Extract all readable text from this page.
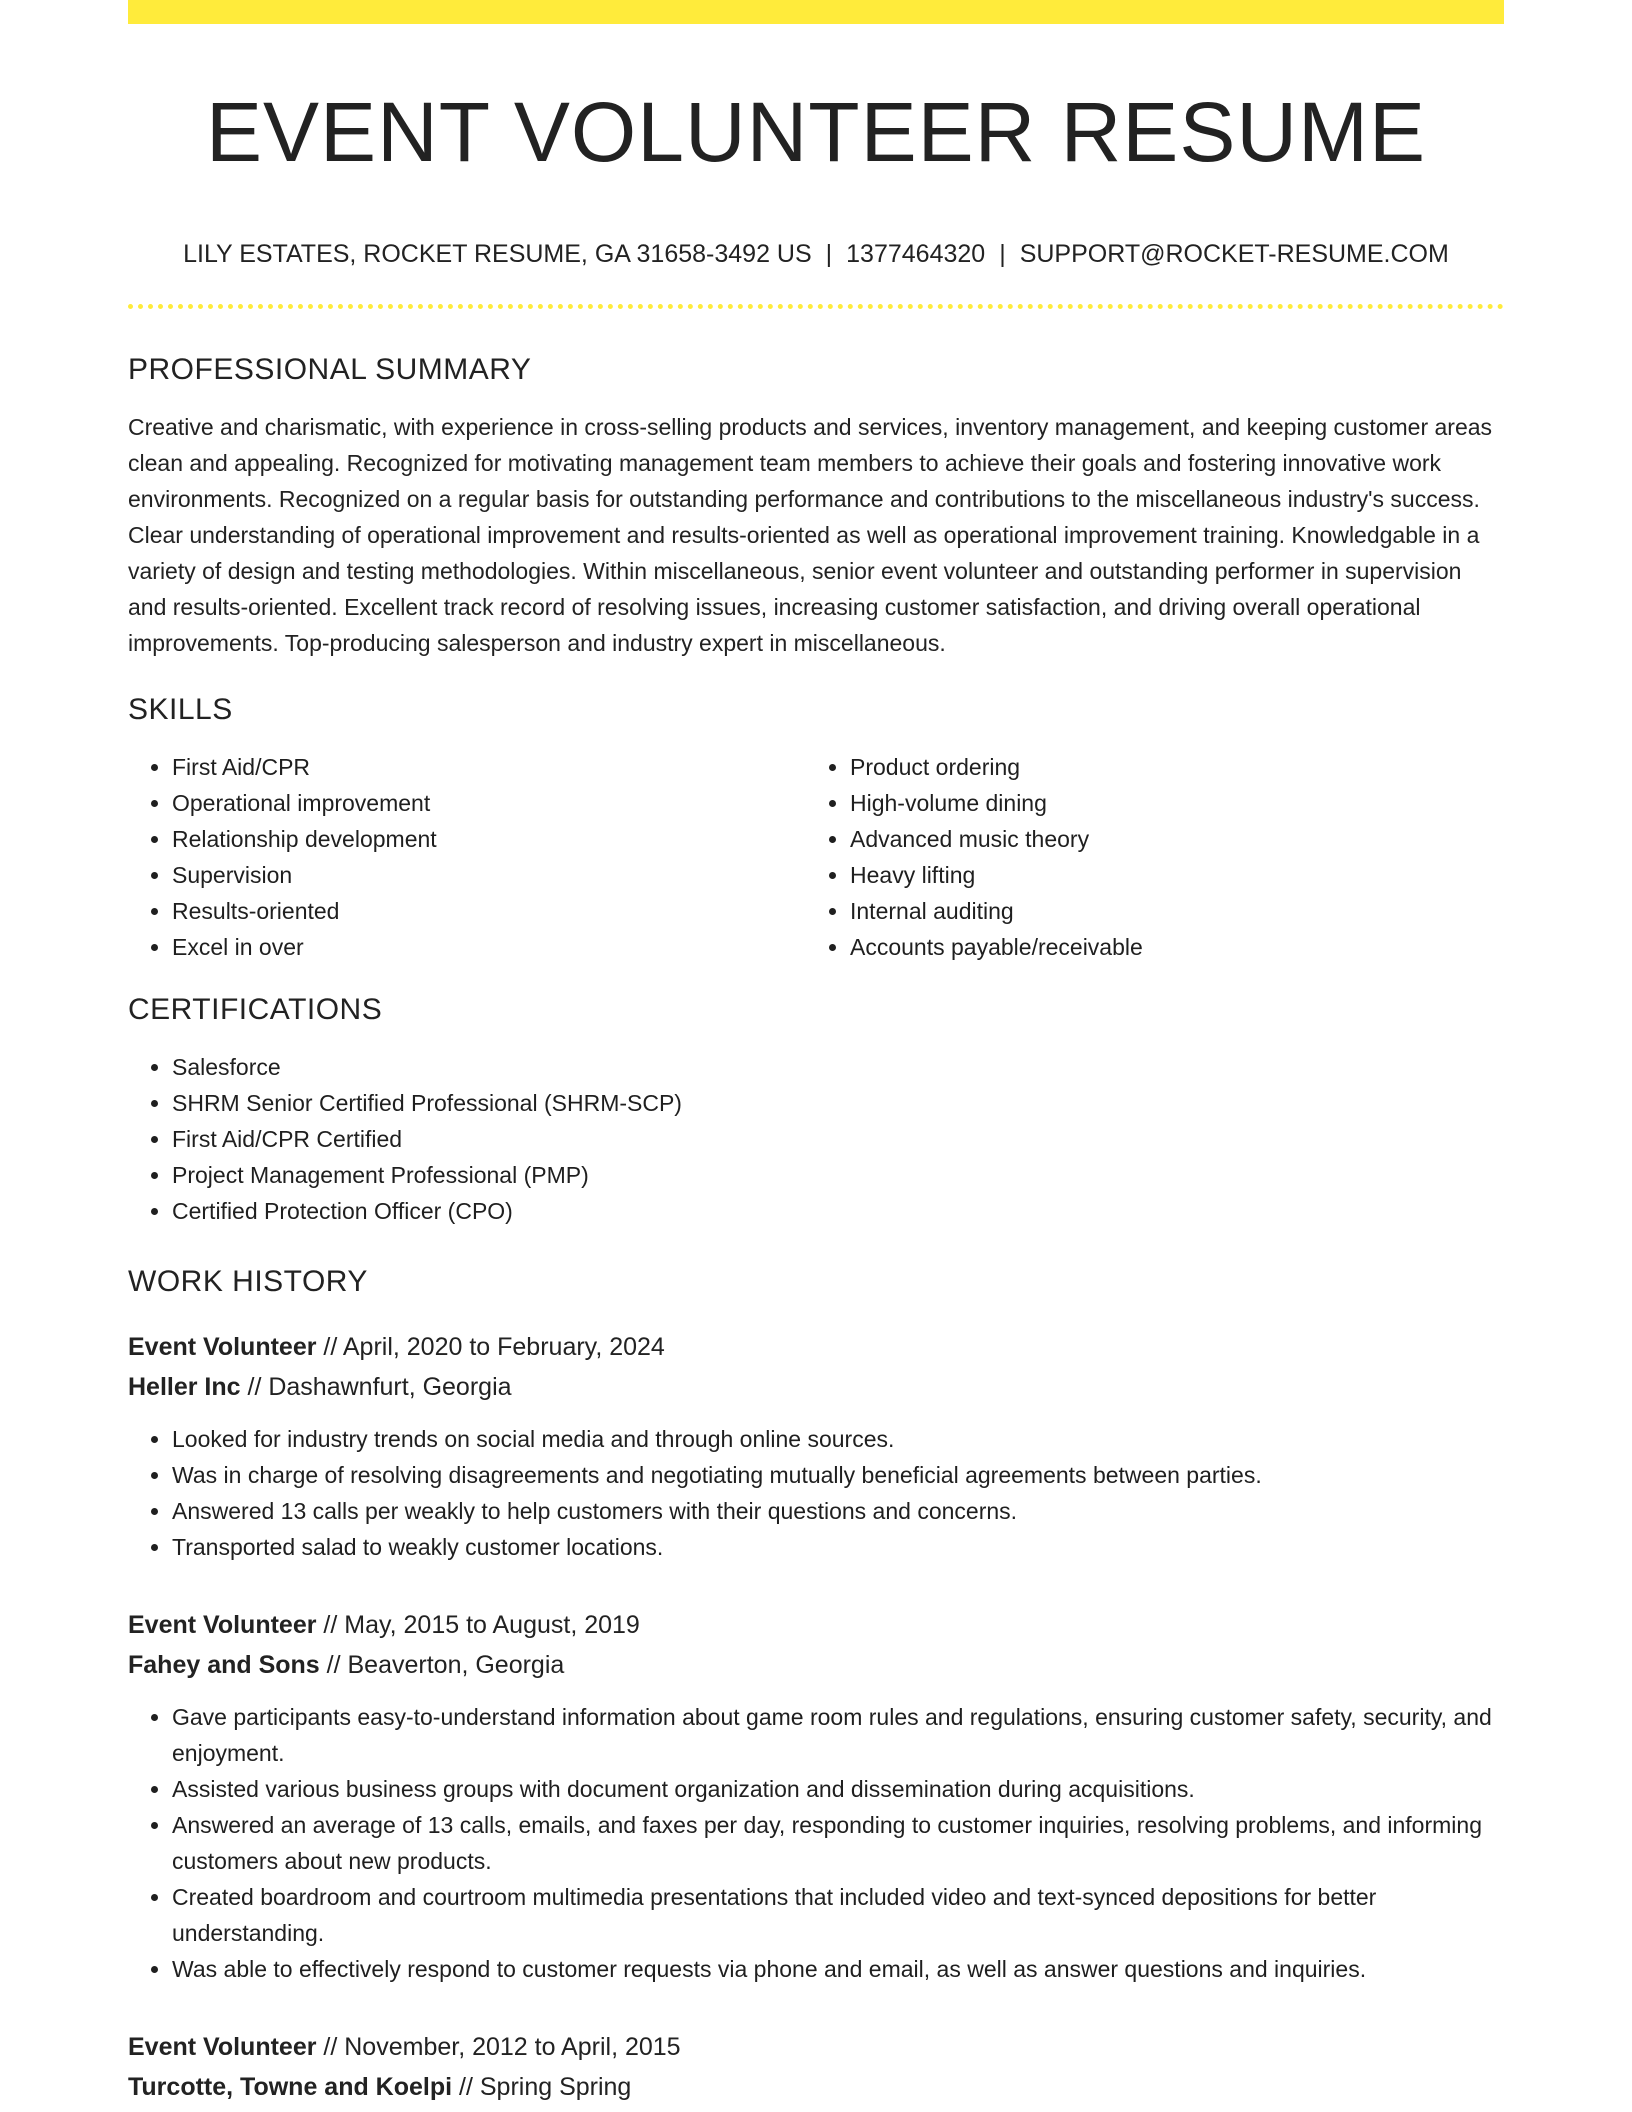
EVENT VOLUNTEER RESUME
LILY ESTATES, ROCKET RESUME, GA 31658-3492 US | 1377464320 | SUPPORT@ROCKET-RESUME.COM
PROFESSIONAL SUMMARY
Creative and charismatic, with experience in cross-selling products and services, inventory management, and keeping customer areas clean and appealing. Recognized for motivating management team members to achieve their goals and fostering innovative work environments. Recognized on a regular basis for outstanding performance and contributions to the miscellaneous industry's success. Clear understanding of operational improvement and results-oriented as well as operational improvement training. Knowledgable in a variety of design and testing methodologies. Within miscellaneous, senior event volunteer and outstanding performer in supervision and results-oriented. Excellent track record of resolving issues, increasing customer satisfaction, and driving overall operational improvements. Top-producing salesperson and industry expert in miscellaneous.
SKILLS
• First Aid/CPR
• Operational improvement
• Relationship development
• Supervision
• Results-oriented
• Excel in over
• Product ordering
• High-volume dining
• Advanced music theory
• Heavy lifting
• Internal auditing
• Accounts payable/receivable
CERTIFICATIONS
• Salesforce
• SHRM Senior Certified Professional (SHRM-SCP)
• First Aid/CPR Certified
• Project Management Professional (PMP)
• Certified Protection Officer (CPO)
WORK HISTORY
Event Volunteer // April, 2020 to February, 2024
Heller Inc // Dashawnfurt, Georgia
• Looked for industry trends on social media and through online sources.
• Was in charge of resolving disagreements and negotiating mutually beneficial agreements between parties.
• Answered 13 calls per weakly to help customers with their questions and concerns.
• Transported salad to weakly customer locations.
Event Volunteer // May, 2015 to August, 2019
Fahey and Sons // Beaverton, Georgia
• Gave participants easy-to-understand information about game room rules and regulations, ensuring customer safety, security, and enjoyment.
• Assisted various business groups with document organization and dissemination during acquisitions.
• Answered an average of 13 calls, emails, and faxes per day, responding to customer inquiries, resolving problems, and informing customers about new products.
• Created boardroom and courtroom multimedia presentations that included video and text-synced depositions for better understanding.
• Was able to effectively respond to customer requests via phone and email, as well as answer questions and inquiries.
Event Volunteer // November, 2012 to April, 2015
Turcotte, Towne and Koelpi // Spring Spring
